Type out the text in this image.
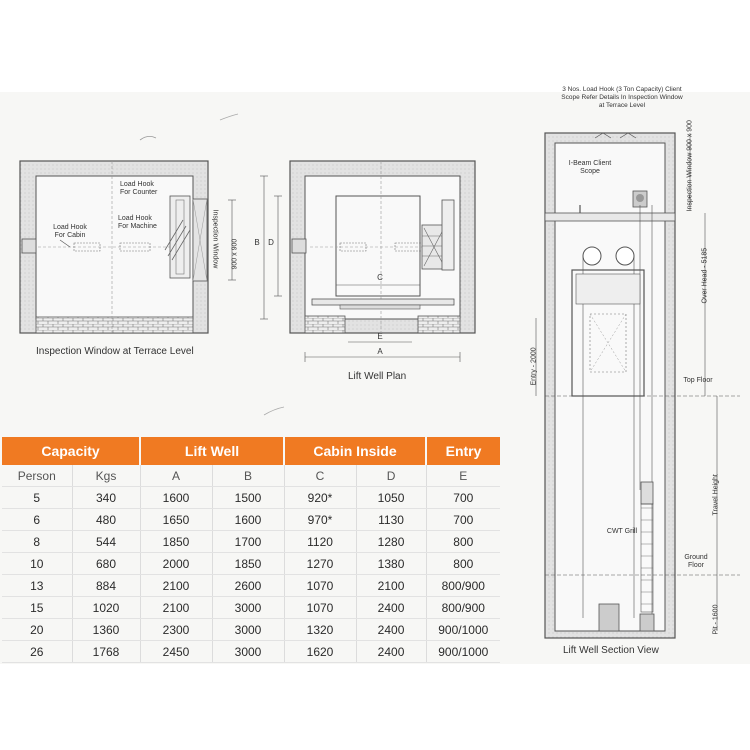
Load Hook For Counter
Load Hook For Machine
Load Hook For Cabin	Inspection Window 900 x 900
Inspection Window at Terrace Level
B D
C
E
A
Lift Well Plan
3 Nos. Load Hook (3 Ton Capacity) Client Scope Refer Details In Inspection Window at Terrace Level
I-Beam Client Scope	Inspection Window 900 x 900
Over Head - 5185
Entry - 2000	Top Floor
Travel Height
CWT Grill
Ground Floor
Pit - 1600
Lift Well Section View
Capacity		Lift Well		Cabin Inside		Entry
Person	Kgs	A	B	C	D	E
5	340	1600	1500	920*	1050	700
6	480	1650	1600	970*	1130	700
8	544	1850	1700	1120	1280	800
10	680	2000	1850	1270	1380	800
13	884	2100	2600	1070	2100	800/900
15	1020	2100	3000	1070	2400	800/900
20	1360	2300	3000	1320	2400	900/1000
26	1768	2450	3000	1620	2400	900/1000
